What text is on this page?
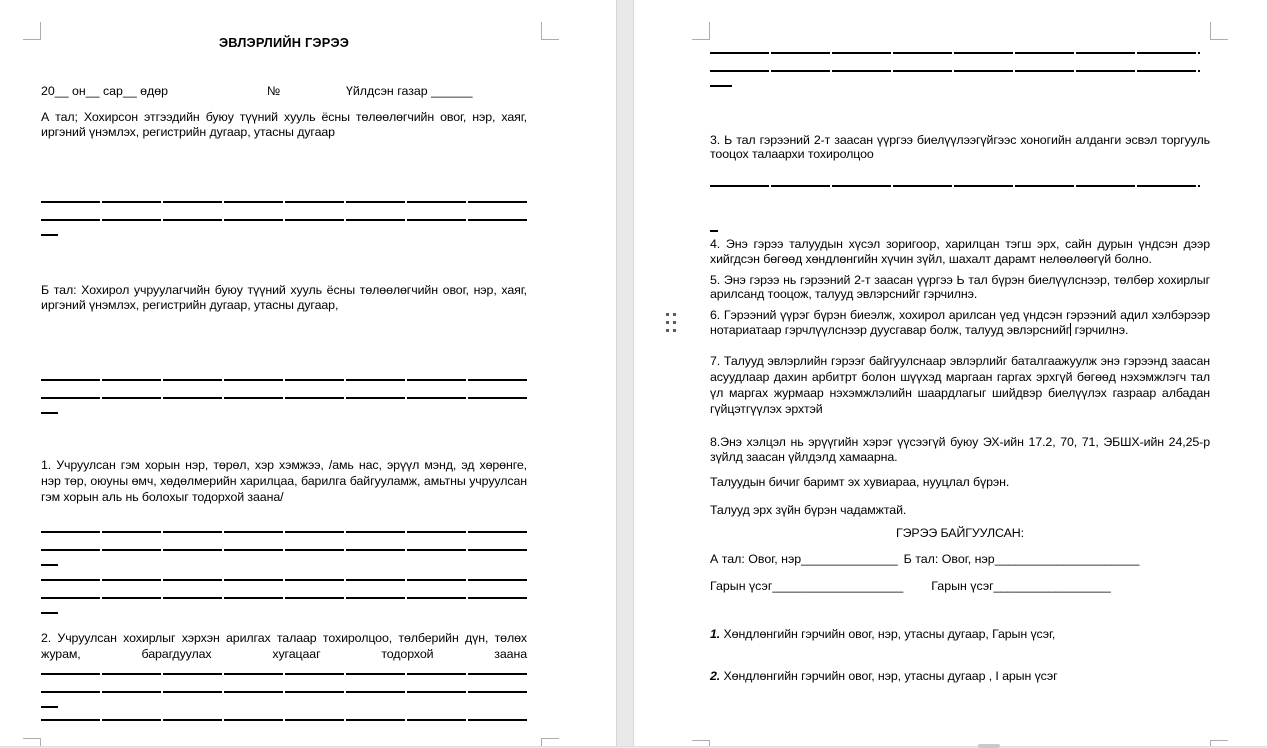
ЭВЛЭРЛИЙН ГЭРЭЭ
20__ он__ сар__ өдөр	№	Үйлдсэн газар ______
А тал; Хохирсон этгээдийн буюу түүний хууль ёсны төлөөлөгчийн овог, нэр, хаяг, иргэний үнэмлэх, регистрийн дугаар, утасны дугаар
Б тал: Хохирол учруулагчийн буюу түүний хууль ёсны төлөөлөгчийн овог, нэр, хаяг, иргэний үнэмлэх, регистрийн дугаар, утасны дугаар,
1. Учруулсан гэм хорын нэр, төрөл, хэр хэмжээ, /амь нас, эрүүл мэнд, эд хөрөнге, нэр төр, оюуны өмч, хөдөлмерийн харилцаа, барилга байгууламж, амьтны учруулсан гэм хорын аль нь болохыг тодорхой заана/
2. Учруулсан хохирлыг хэрхэн арилгах талаар тохиролцоо, төлберийн дүн, төлөх журам, барагдуулах хугацааг тодорхой заана
3. Ь тал гэрээний 2-т заасан үүргээ биелүүлээгүйгээс хоногийн алданги эсвэл торгууль тооцох талаархи тохиролцоо
4. Энэ гэрээ талуудын хүсэл зоригоор, харилцан тэгш эрх, сайн дурын үндсэн дээр хийгдсэн бөгөөд хөндлөнгийн хүчин зүйл, шахалт дарамт нелөөлөөгүй болно.
5. Энэ гэрээ нь гэрээний 2-т заасан үүргээ Ь тал бүрэн биелүүлснээр, төлбөр хохирлыг арилсанд тооцож, талууд эвлэрснийг гэрчилнэ.
6. Гэрээний үүрэг бүрэн биеэлж, хохирол арилсан үед үндсэн гэрээний адил хэлбэрээр нотариатаар гэрчлүүлснээр дуусгавар болж, талууд эвлэрснийг гэрчилнэ.
7. Талууд эвлэрлийн гэрээг байгуулснаар эвлэрлийг баталгаажуулж энэ гэрээнд заасан асуудлаар дахин арбитрт болон шүүхэд маргаан гаргах эрхгүй бөгөөд нэхэмжлэгч тал үл маргах журмаар нэхэмжлэлийн шаардлагыг шийдвэр биелүүлэх газраар албадан гүйцэтгүүлэх эрхтэй
8.Энэ хэлцэл нь эрүүгийн хэрэг үүсээгүй буюу ЭХ-ийн 17.2, 70, 71, ЭБШХ-ийн 24,25-р зүйлд заасан үйлдэлд хамаарна.
Талуудын бичиг баримт эх хувиараа, нууцлал бүрэн.
Талууд эрх зүйн бүрэн чадамжтай.
ГЭРЭЭ БАЙГУУЛСАН:
А тал: Овог, нэр______________ Б тал: Овог, нэр_____________________
Гарын үсэг___________________ Гарын үсэг_________________
1. Хөндлөнгийн гэрчийн овог, нэр, утасны дугаар, Гарын үсэг,
2. Хөндлөнгийн гэрчийн овог, нэр, утасны дугаар , I арын үсэг
